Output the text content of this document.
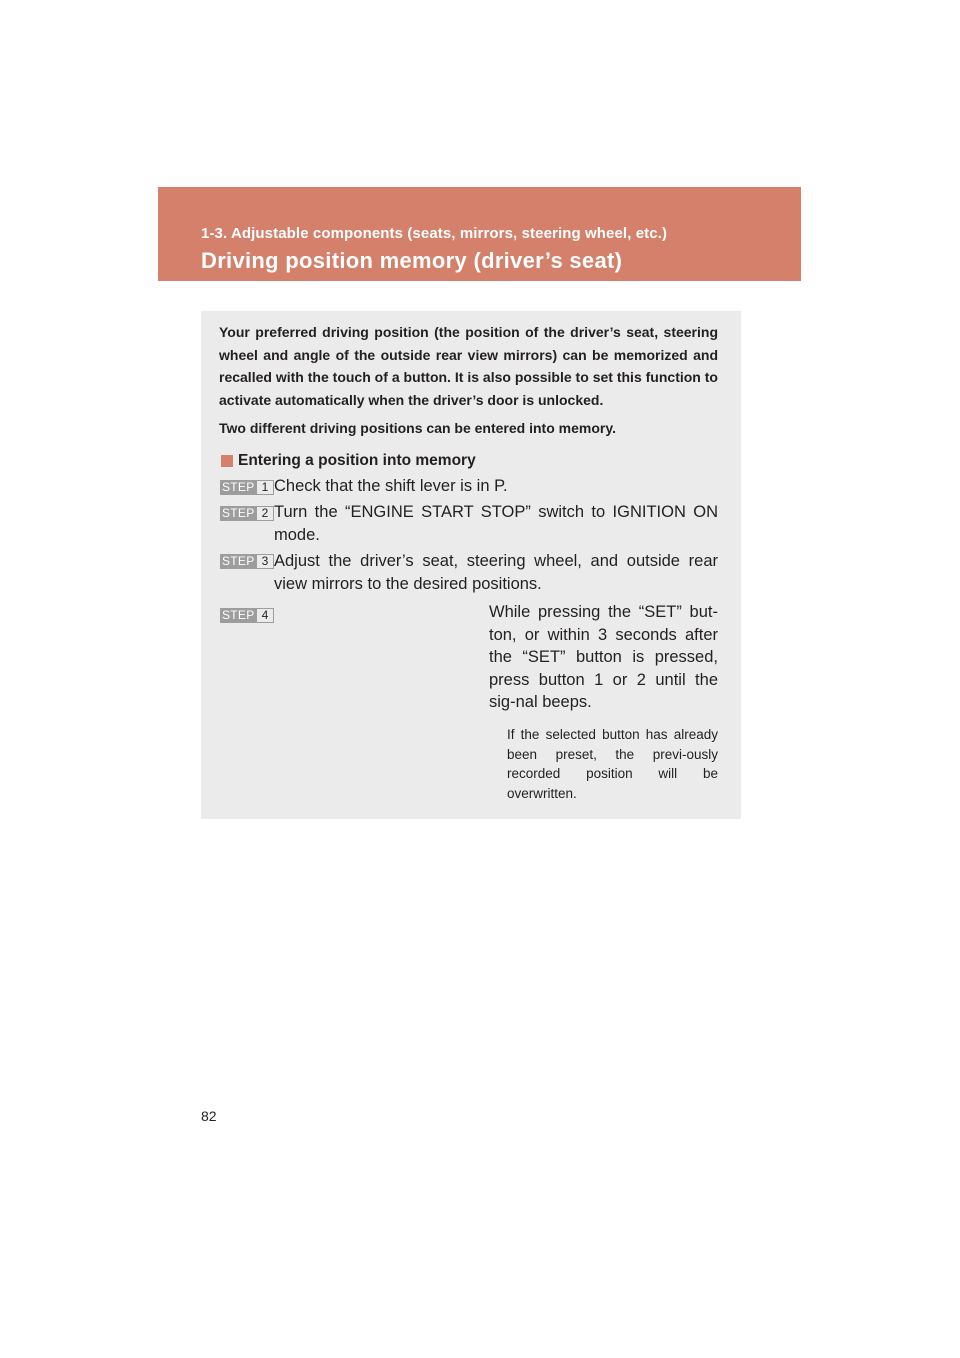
1-3. Adjustable components (seats, mirrors, steering wheel, etc.)
Driving position memory (driver’s seat)

Your preferred driving position (the position of the driver’s seat, steering wheel and angle of the outside rear view mirrors) can be memorized and recalled with the touch of a button. It is also possible to set this function to activate automatically when the driver’s door is unlocked.

Two different driving positions can be entered into memory.

Entering a position into memory
STEP 1 Check that the shift lever is in P.

STEP 2 Turn the “ENGINE START STOP” switch to IGNITION ON mode.

STEP 3 Adjust the driver’s seat, steering wheel, and outside rear view mirrors to the desired positions.

STEP 4	While pressing the “SET” but-ton, or within 3 seconds after the “SET” button is pressed, press button 1 or 2 until the sig-nal beeps.

If the selected button has already been preset, the previ-ously recorded position will be overwritten.

82
